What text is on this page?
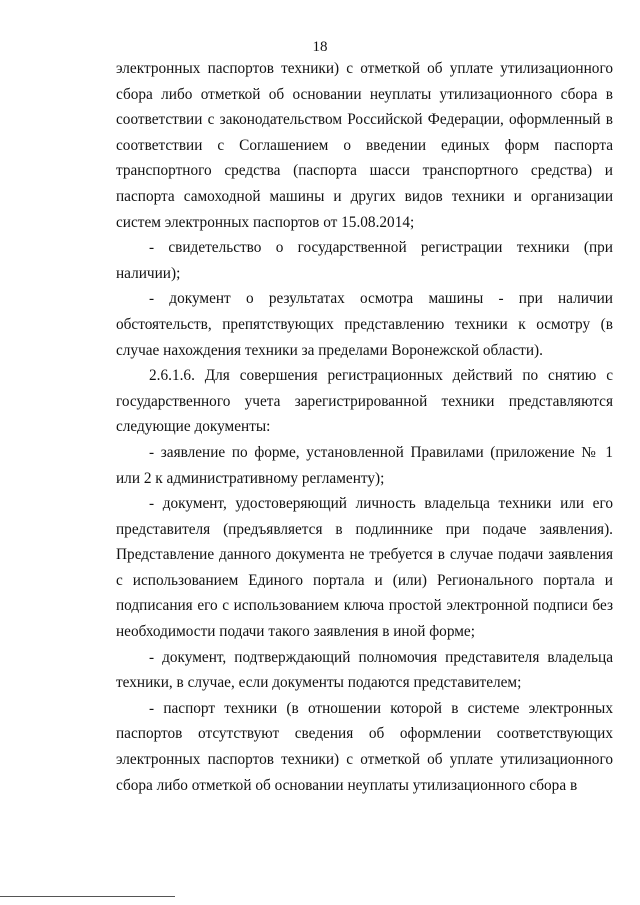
18

электронных паспортов техники) с отметкой об уплате утилизационного сбора либо отметкой об основании неуплаты утилизационного сбора в соответствии с законодательством Российской Федерации, оформленный в соответствии с Соглашением о введении единых форм паспорта транспортного средства (паспорта шасси транспортного средства) и паспорта самоходной машины и других видов техники и организации систем электронных паспортов от 15.08.2014;

- свидетельство о государственной регистрации техники (при наличии);

- документ о результатах осмотра машины - при наличии обстоятельств, препятствующих представлению техники к осмотру (в случае нахождения техники за пределами Воронежской области).

2.6.1.6. Для совершения регистрационных действий по снятию с государственного учета зарегистрированной техники представляются следующие документы:

- заявление по форме, установленной Правилами (приложение № 1 или 2 к административному регламенту);

- документ, удостоверяющий личность владельца техники или его представителя (предъявляется в подлиннике при подаче заявления). Представление данного документа не требуется в случае подачи заявления с использованием Единого портала и (или) Регионального портала и подписания его с использованием ключа простой электронной подписи без необходимости подачи такого заявления в иной форме;

- документ, подтверждающий полномочия представителя владельца техники, в случае, если документы подаются представителем;

- паспорт техники (в отношении которой в системе электронных паспортов отсутствуют сведения об оформлении соответствующих электронных паспортов техники) с отметкой об уплате утилизационного сбора либо отметкой об основании неуплаты утилизационного сбора в
